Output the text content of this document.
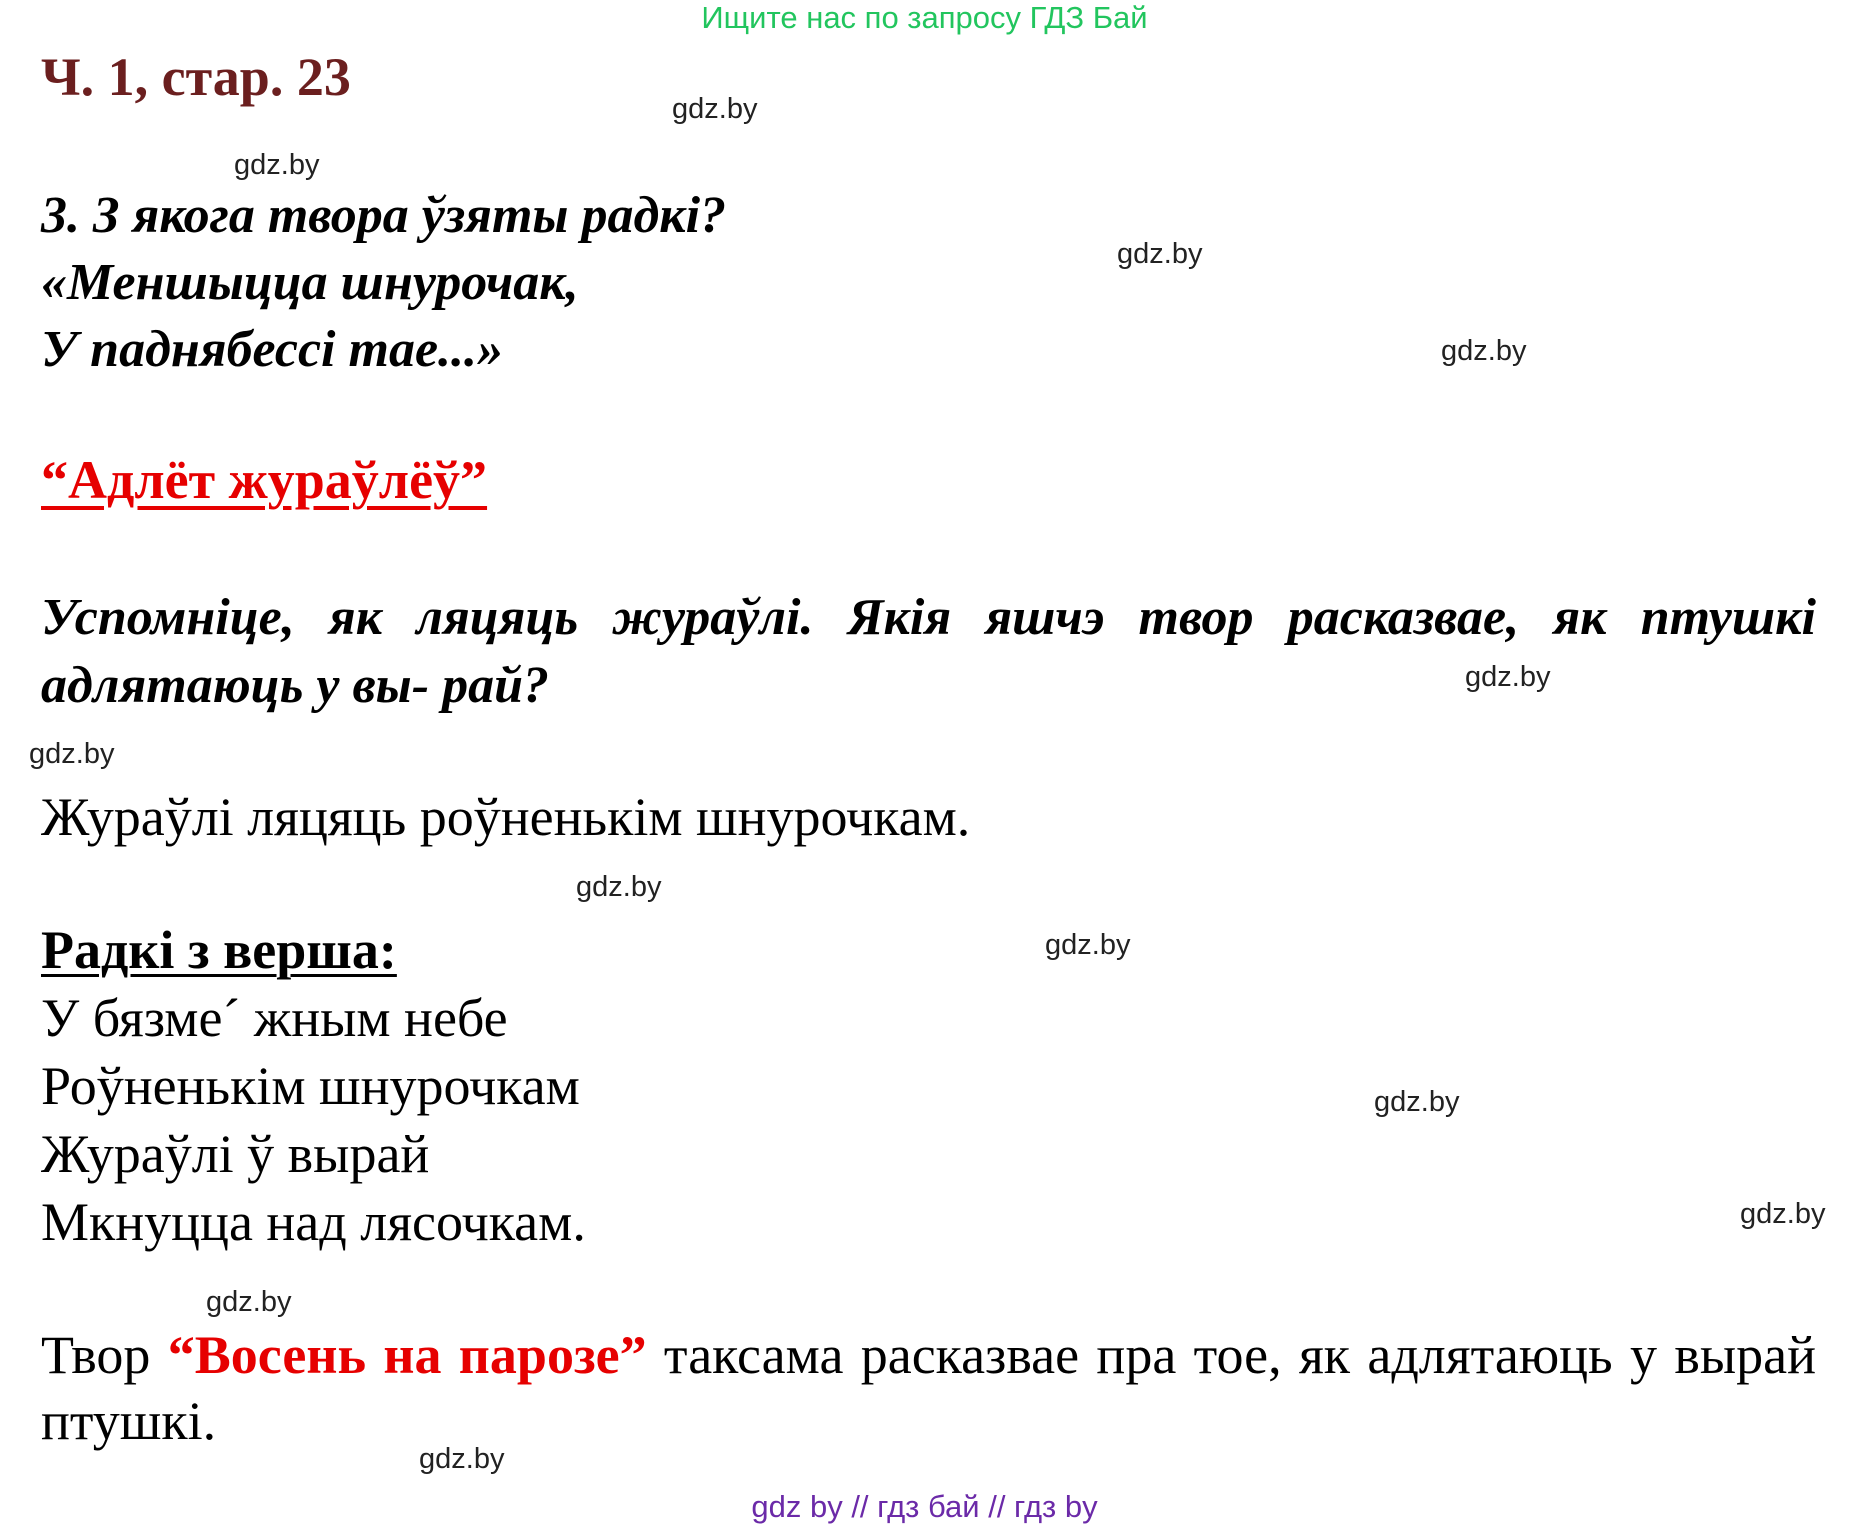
Ищите нас по запросу ГДЗ Бай
Ч. 1, стар. 23
3. З якога твора ўзяты радкі?
«Меншыцца шнурочак,
У паднябессі тае...»
“Адлёт жураўлёў”
Успомніце, як ляцяць жураўлі. Якія яшчэ твор расказвае, як птушкі адлятаюць у вы- рай?
Жураўлі ляцяць роўненькім шнурочкам.
Радкі з верша:
У бязме´ жным небе
Роўненькім шнурочкам
Жураўлі ў вырай
Мкнуцца над лясочкам.
Твор “Восень на парозе” таксама расказвае пра тое, як адлятаюць у вырай птушкі.
gdz.by
gdz.by
gdz.by
gdz.by
gdz.by
gdz.by
gdz.by
gdz.by
gdz.by
gdz.by
gdz.by
gdz.by
gdz by // гдз бай // гдз by
